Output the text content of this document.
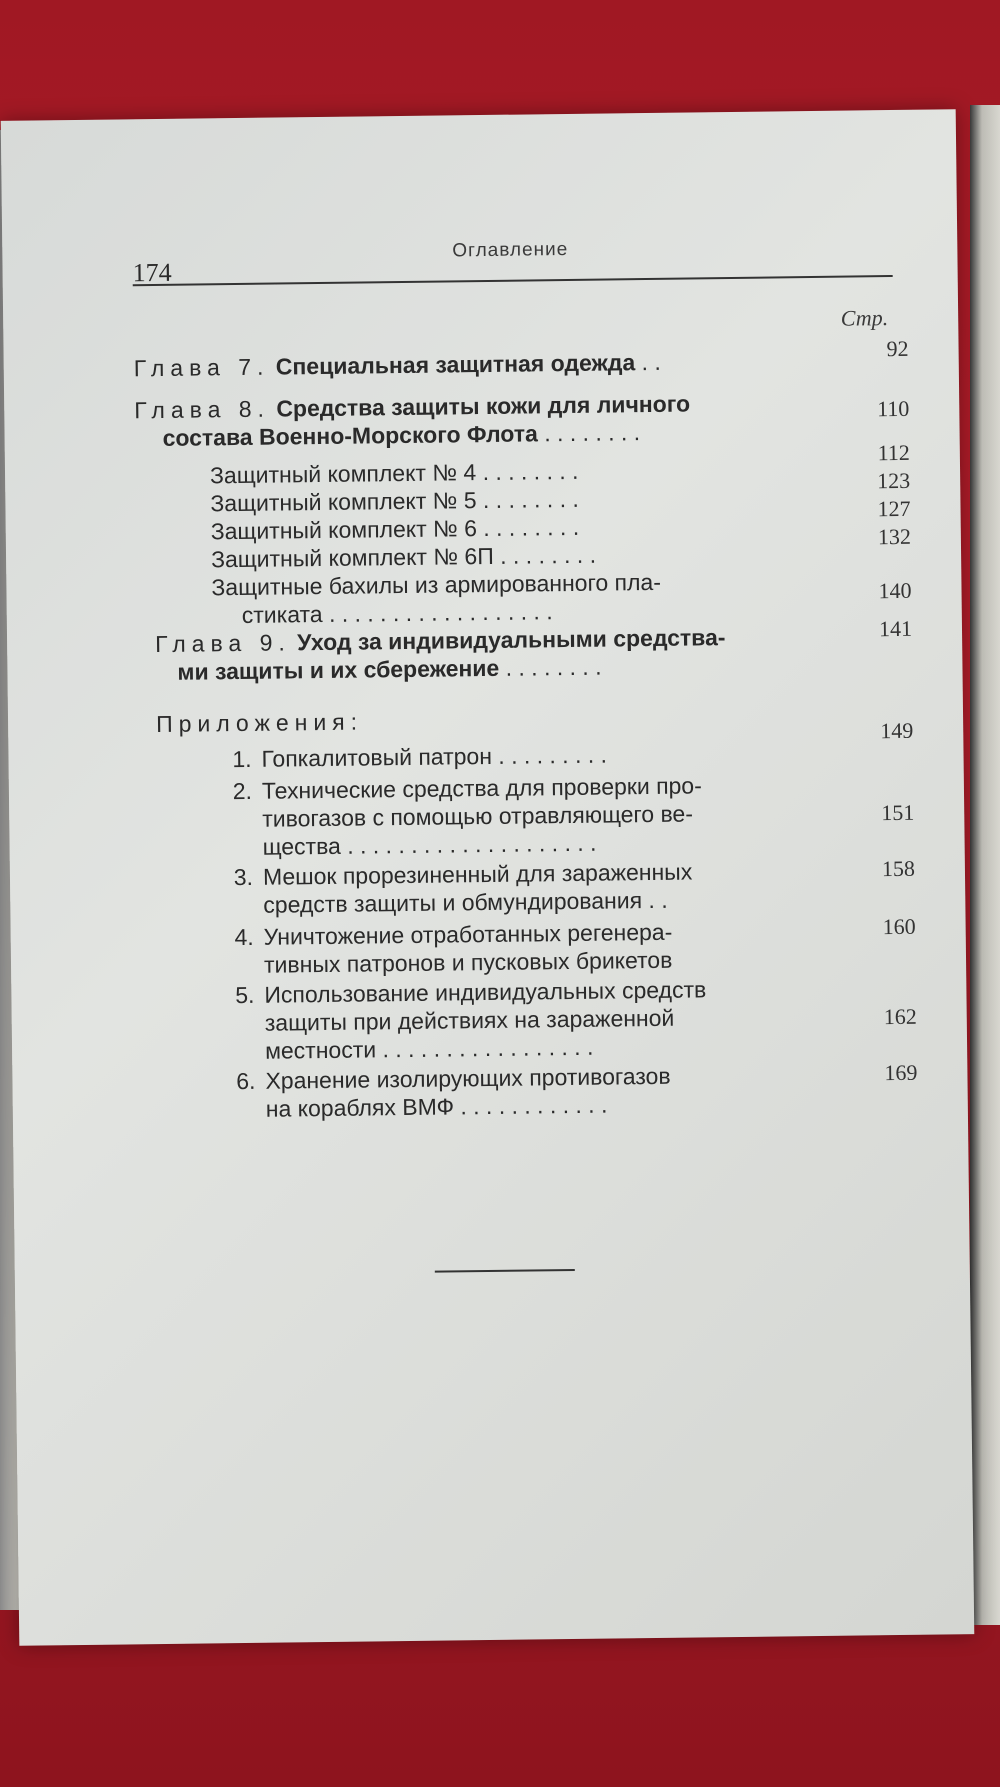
174
Оглавление
Стр.
Глава 7. Специальная защитная одежда . .
92
Глава 8. Средства защиты кожи для личного
состава Военно-Морского Флота . . . . . . . .
110
Защитный комплект № 4 . . . . . . . .
112
Защитный комплект № 5 . . . . . . . .
123
Защитный комплект № 6 . . . . . . . .
127
Защитный комплект № 6П . . . . . . . .
132
Защитные бахилы из армированного пла-
стиката . . . . . . . . . . . . . . . . . .
140
Глава 9. Уход за индивидуальными средства-
ми защиты и их сбережение . . . . . . . .
141
Приложения:
1. Гопкалитовый патрон . . . . . . . . .
149
2. Технические средства для проверки про-
тивогазов с помощью отравляющего ве-
щества . . . . . . . . . . . . . . . . . . . .
151
3. Мешок прорезиненный для зараженных
средств защиты и обмундирования . .
158
4. Уничтожение отработанных регенера-
тивных патронов и пусковых брикетов
160
5. Использование индивидуальных средств
защиты при действиях на зараженной
местности . . . . . . . . . . . . . . . . .
162
6. Хранение изолирующих противогазов
на кораблях ВМФ . . . . . . . . . . . .
169
